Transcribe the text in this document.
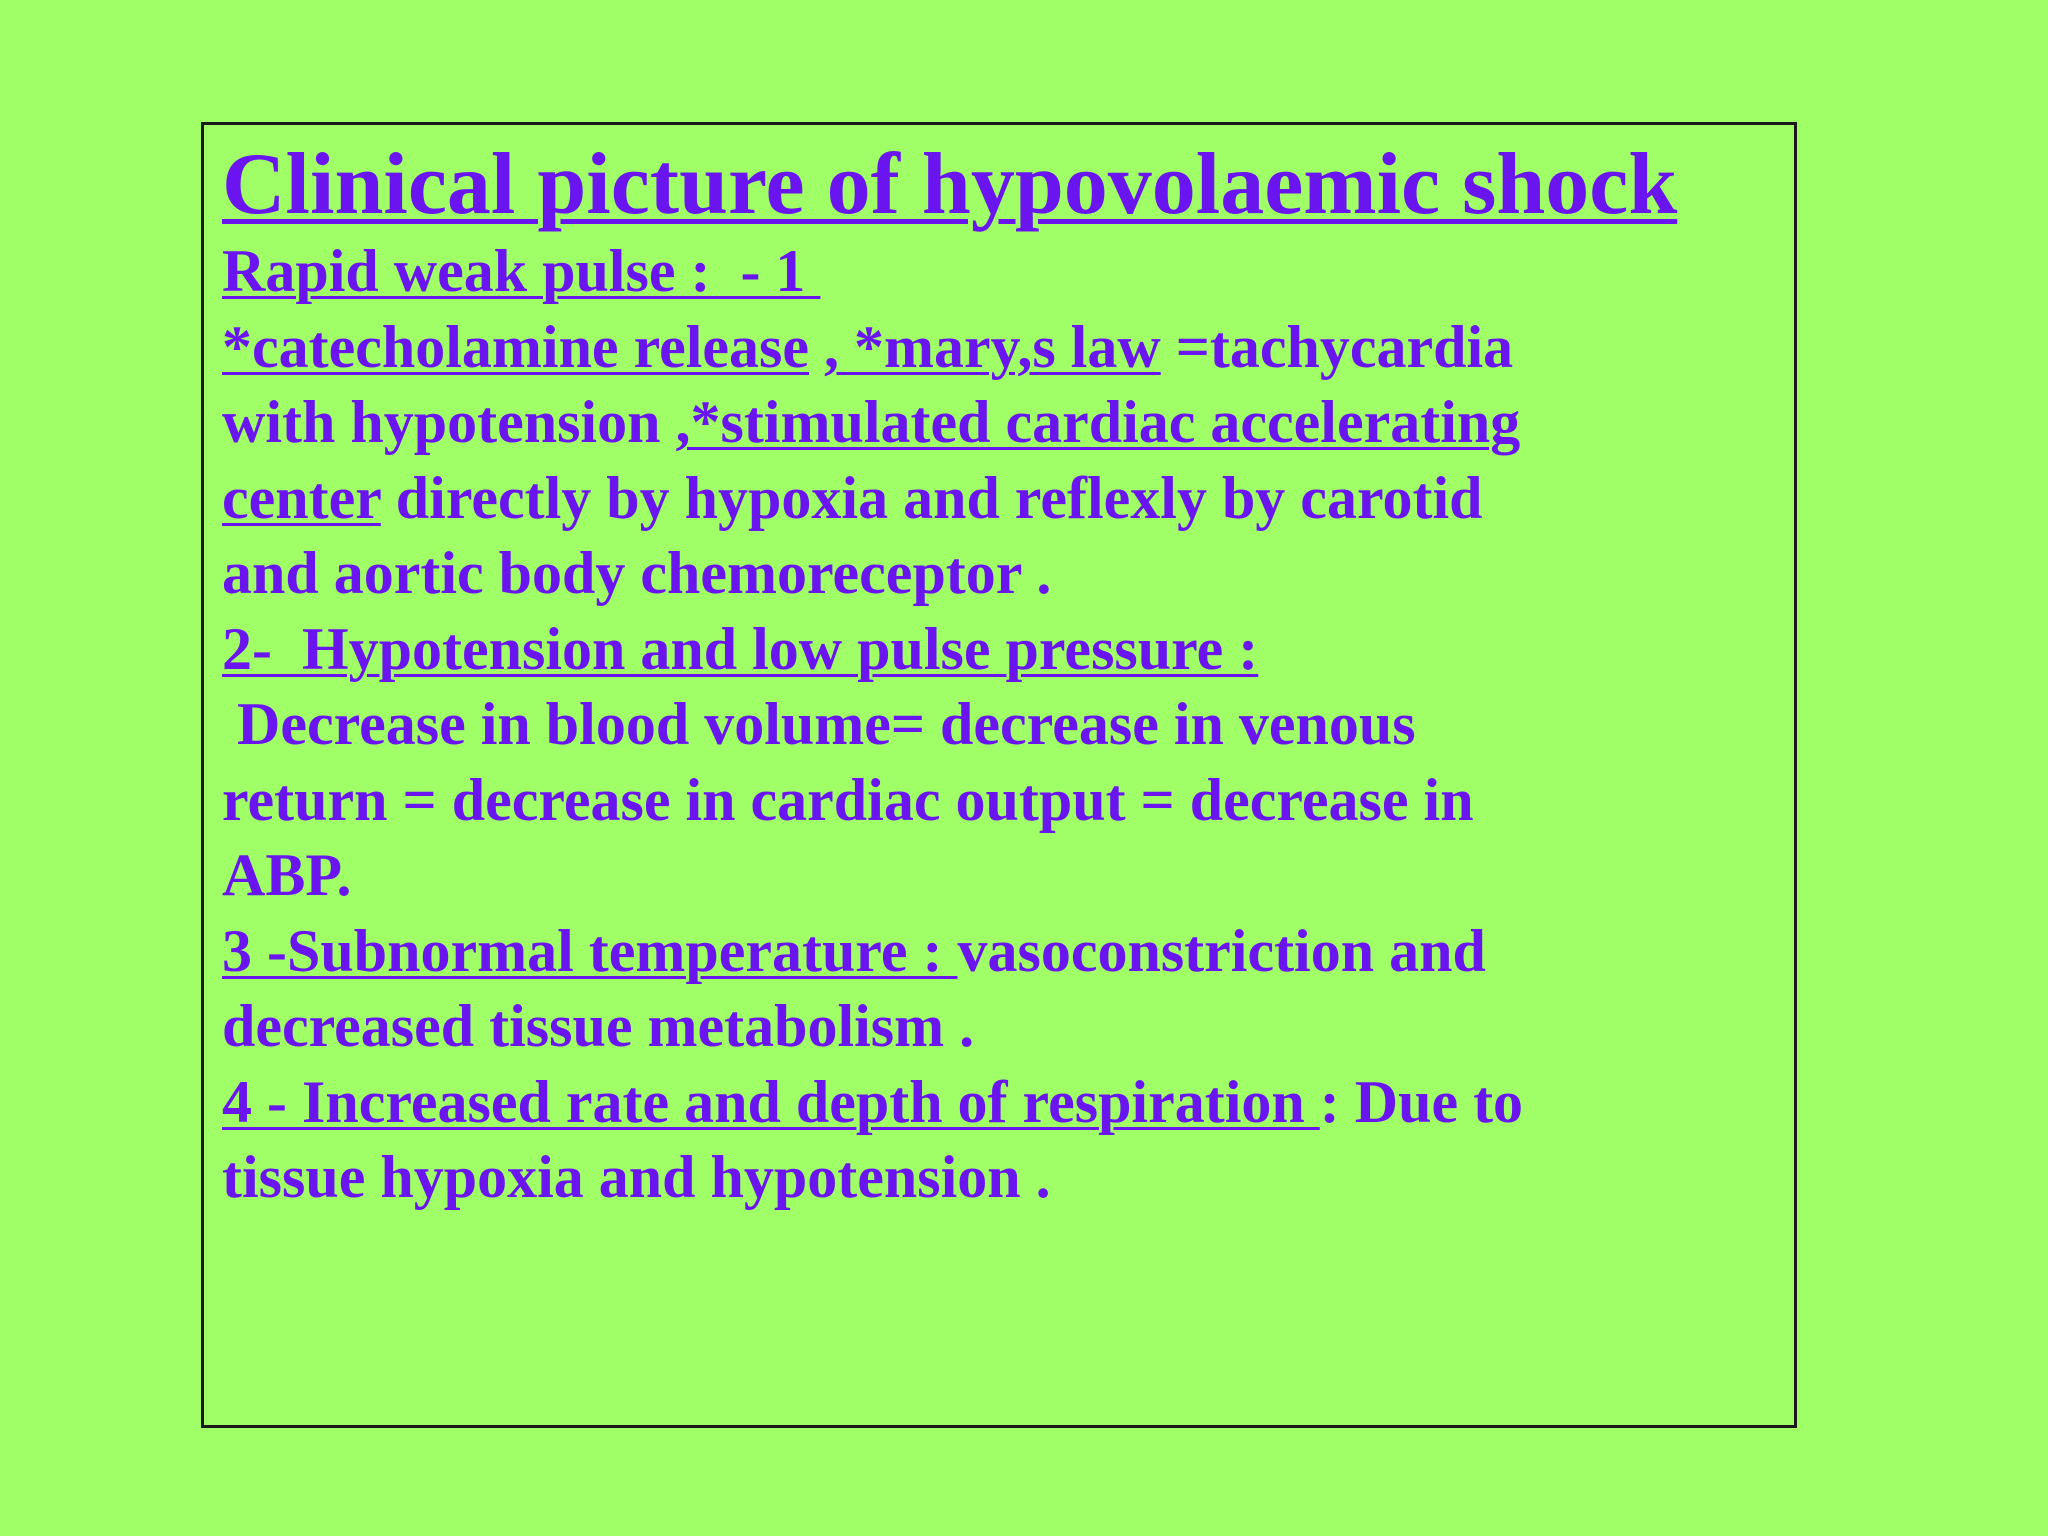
Clinical picture of hypovolaemic shock
Rapid weak pulse :  - 1
*catecholamine release , *mary,s law =tachycardia
with hypotension ,*stimulated cardiac accelerating
center directly by hypoxia and reflexly by carotid
and aortic body chemoreceptor .
2-  Hypotension and low pulse pressure :
Decrease in blood volume= decrease in venous
return = decrease in cardiac output = decrease in
ABP.
3 -Subnormal temperature : vasoconstriction and
decreased tissue metabolism .
4 - Increased rate and depth of respiration : Due to
tissue hypoxia and hypotension .
